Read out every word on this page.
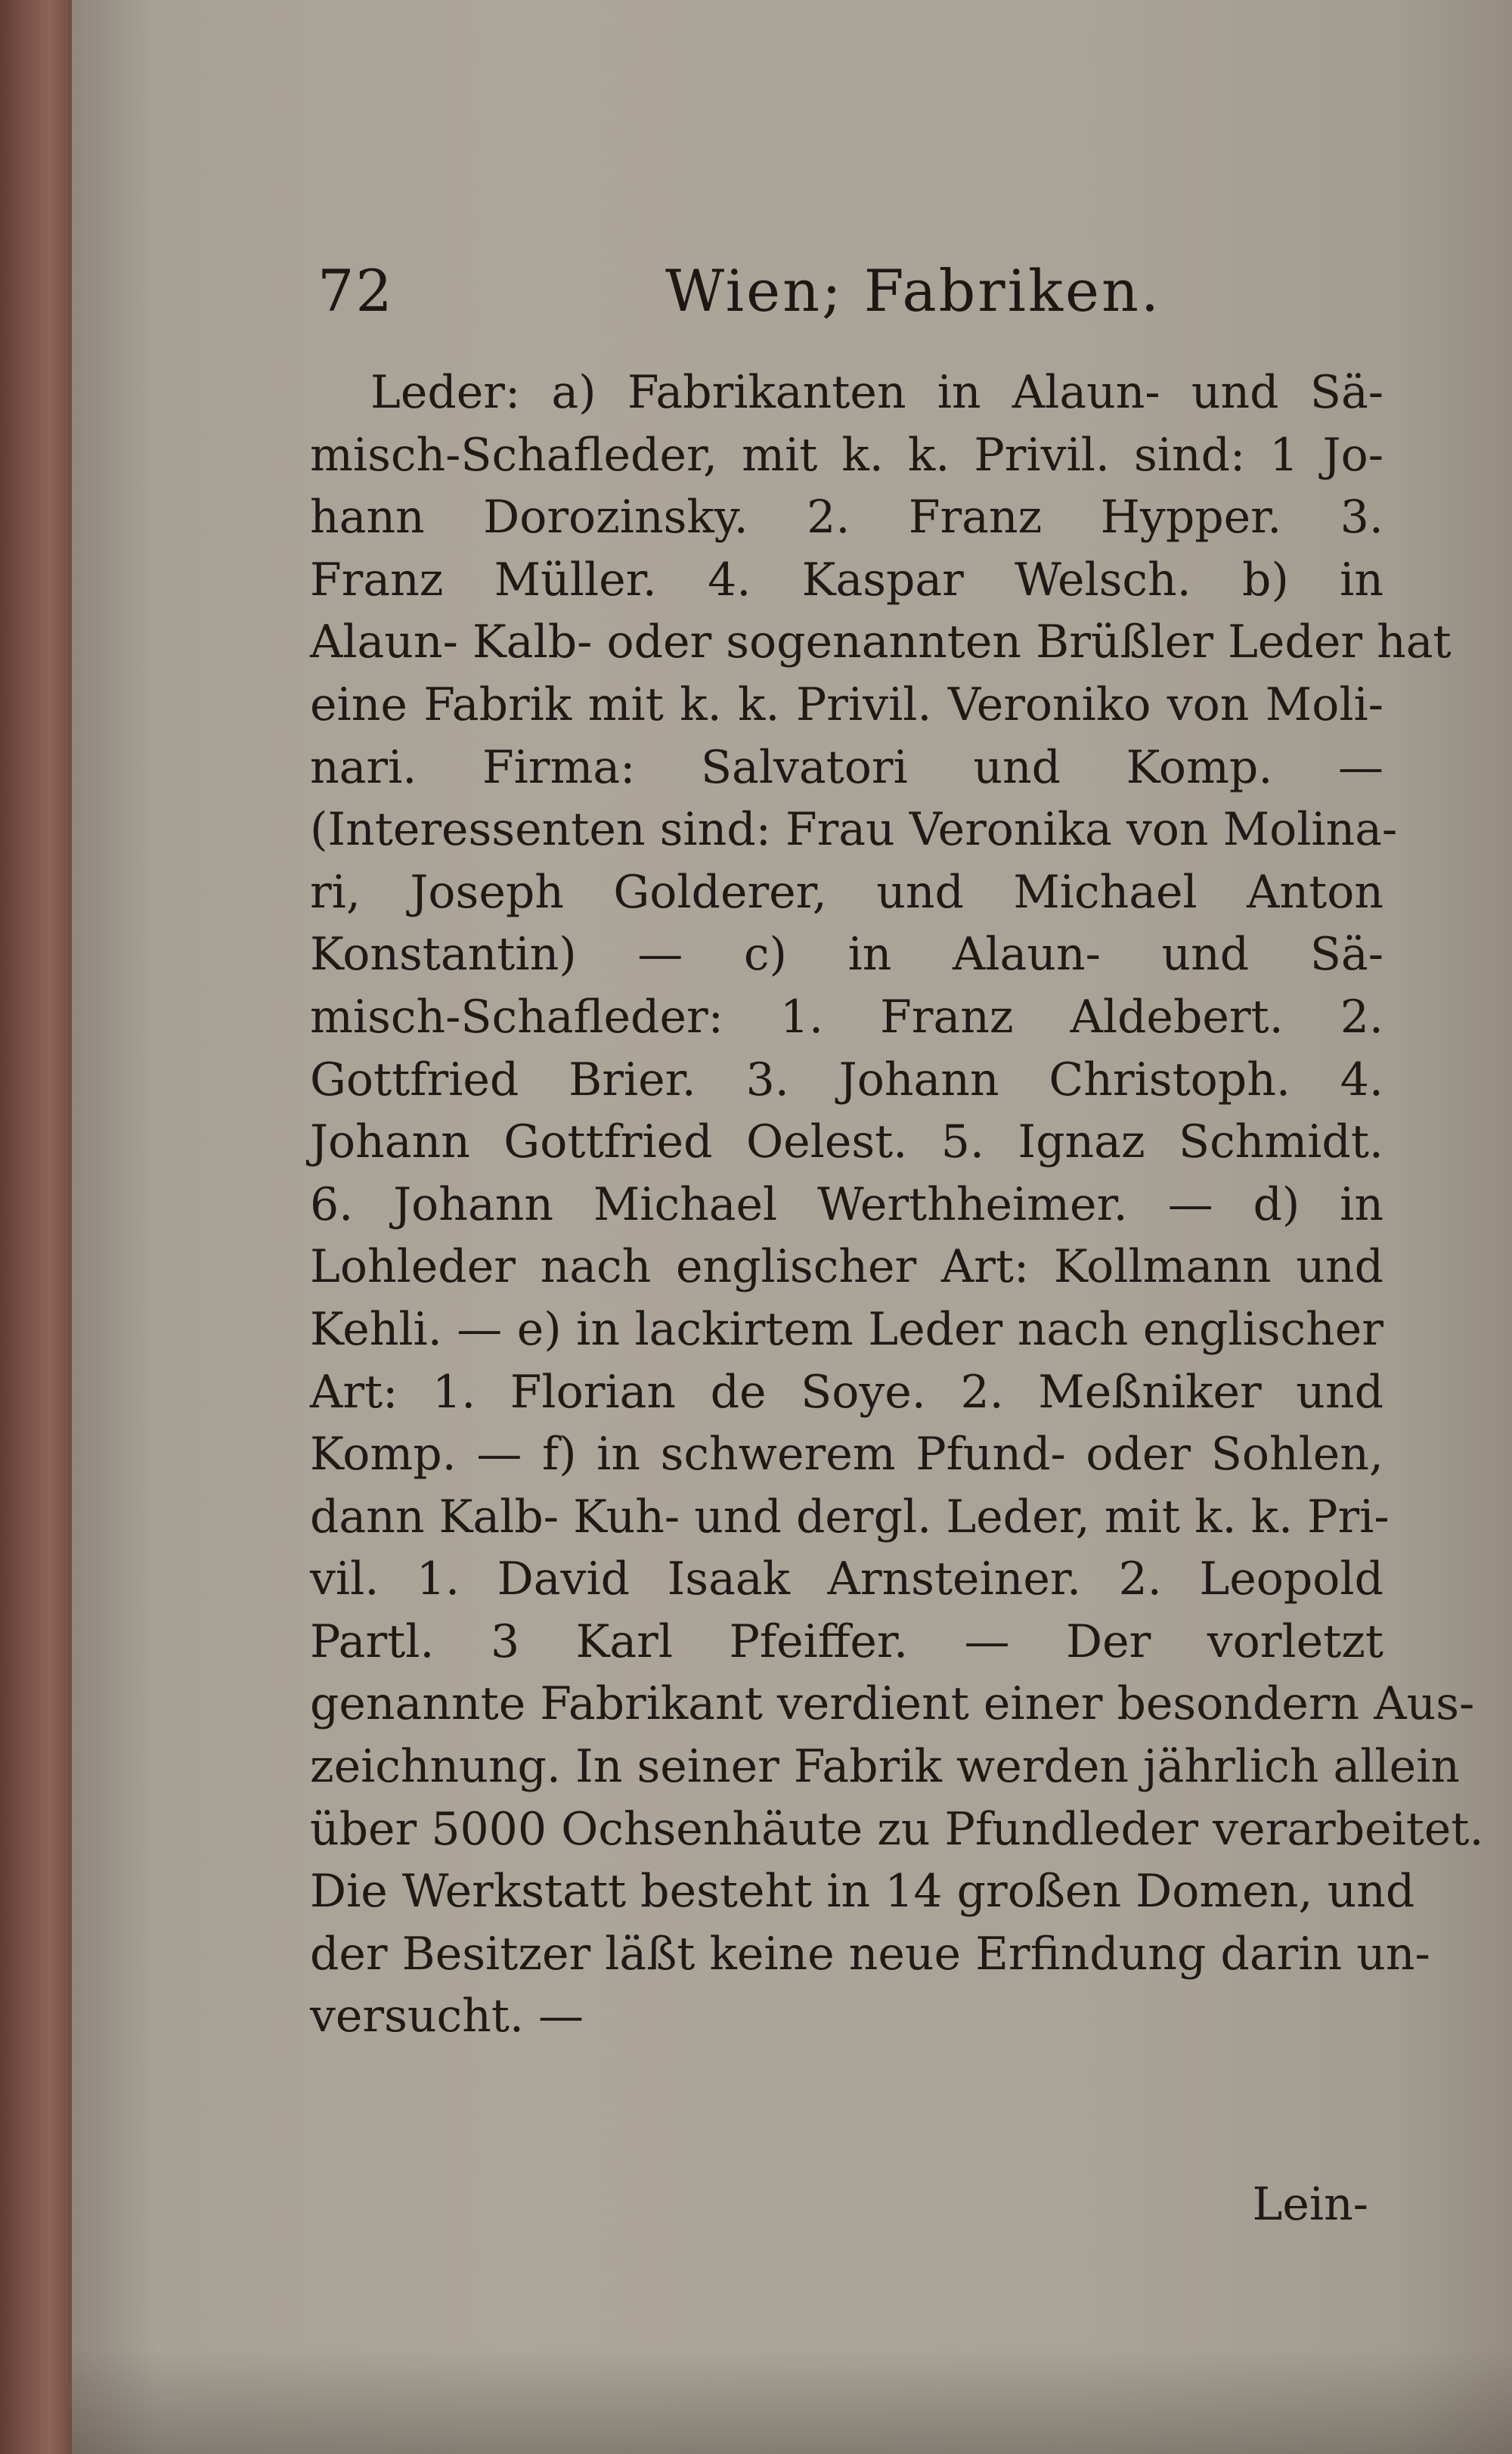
72	Wien; Fabriken.
Leder: a) Fabrikanten in Alaun- und Sä-
misch-Schafleder, mit k. k. Privil. sind: 1 Jo-
hann Dorozinsky. 2. Franz Hypper. 3.
Franz Müller. 4. Kaspar Welsch. b) in
Alaun- Kalb- oder sogenannten Brüßler Leder hat
eine Fabrik mit k. k. Privil. Veroniko von Moli-
nari. Firma: Salvatori und Komp. —
(Interessenten sind: Frau Veronika von Molina-
ri, Joseph Golderer, und Michael Anton
Konstantin) — c) in Alaun- und Sä-
misch-Schafleder: 1. Franz Aldebert. 2.
Gottfried Brier. 3. Johann Christoph. 4.
Johann Gottfried Oelest. 5. Ignaz Schmidt.
6. Johann Michael Werthheimer. — d) in
Lohleder nach englischer Art: Kollmann und
Kehli. — e) in lackirtem Leder nach englischer
Art: 1. Florian de Soye. 2. Meßniker und
Komp. — f) in schwerem Pfund- oder Sohlen,
dann Kalb- Kuh- und dergl. Leder, mit k. k. Pri-
vil. 1. David Isaak Arnsteiner. 2. Leopold
Partl. 3 Karl Pfeiffer. — Der vorletzt
genannte Fabrikant verdient einer besondern Aus-
zeichnung. In seiner Fabrik werden jährlich allein
über 5000 Ochsenhäute zu Pfundleder verarbeitet.
Die Werkstatt besteht in 14 großen Domen, und
der Besitzer läßt keine neue Erfindung darin un-
versucht. —
Lein-
